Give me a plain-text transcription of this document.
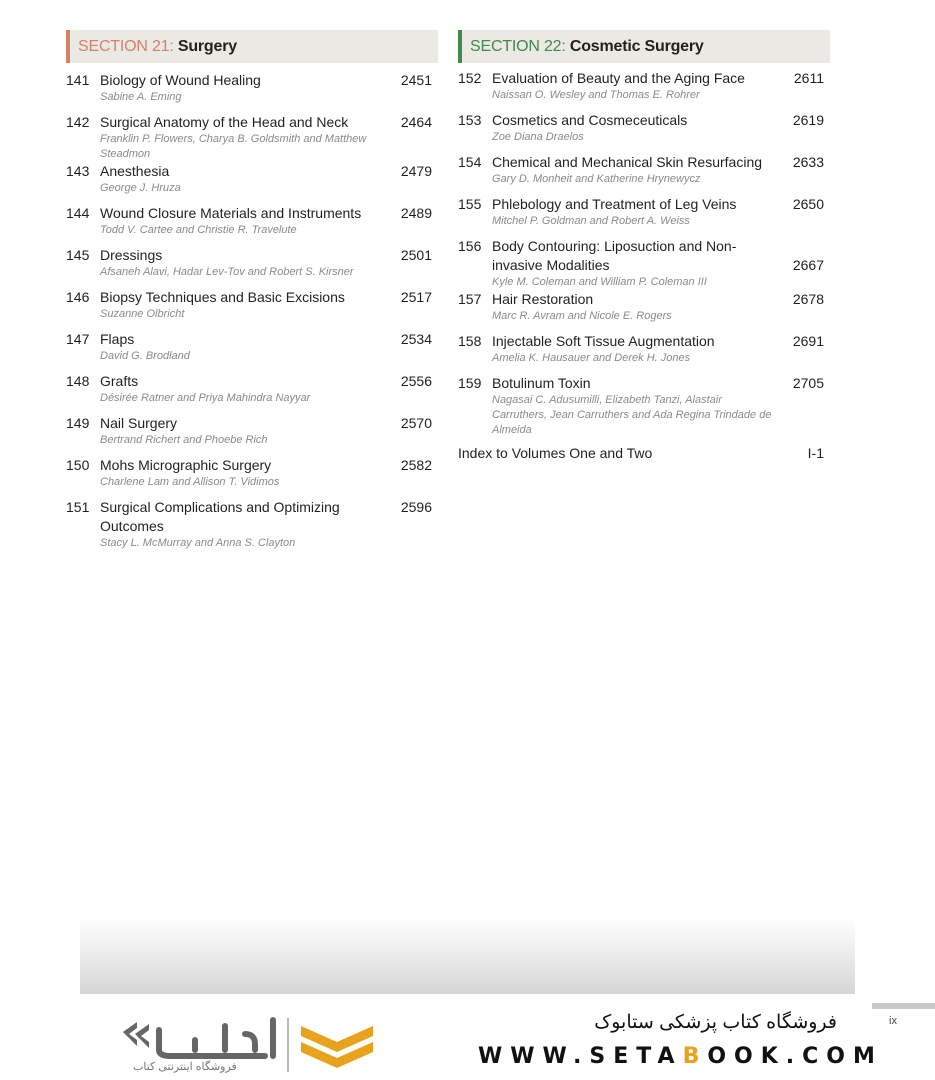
SECTION 21:
Surgery
141 Biology of Wound Healing
Sabine A. Eming
2451
142 Surgical Anatomy of the Head and Neck
Franklin P. Flowers, Charya B. Goldsmith and Matthew Steadmon
2464
143 Anesthesia
George J. Hruza
2479
144 Wound Closure Materials and Instruments
Todd V. Cartee and Christie R. Travelute
2489
145 Dressings
Afsaneh Alavi, Hadar Lev-Tov and Robert S. Kirsner
2501
146 Biopsy Techniques and Basic Excisions
Suzanne Olbricht
2517
147 Flaps
David G. Brodland
2534
148 Grafts
Désirée Ratner and Priya Mahindra Nayyar
2556
149 Nail Surgery
Bertrand Richert and Phoebe Rich
2570
150 Mohs Micrographic Surgery
Charlene Lam and Allison T. Vidimos
2582
151 Surgical Complications and Optimizing Outcomes
Stacy L. McMurray and Anna S. Clayton
2596
SECTION 22:
Cosmetic Surgery
152 Evaluation of Beauty and the Aging Face
Naissan O. Wesley and Thomas E. Rohrer
2611
153 Cosmetics and Cosmeceuticals
Zoe Diana Draelos
2619
154 Chemical and Mechanical Skin Resurfacing
Gary D. Monheit and Katherine Hrynewycz
2633
155 Phlebology and Treatment of Leg Veins
Mitchel P. Goldman and Robert A. Weiss
2650
156 Body Contouring: Liposuction and Non-invasive Modalities
Kyle M. Coleman and William P. Coleman III
2667
157 Hair Restoration
Marc R. Avram and Nicole E. Rogers
2678
158 Injectable Soft Tissue Augmentation
Amelia K. Hausauer and Derek H. Jones
2691
159 Botulinum Toxin
Nagasai C. Adusumilli, Elizabeth Tanzi, Alastair Carruthers, Jean Carruthers and Ada Regina Trindade de Almeida
2705
Index to Volumes One and Two	I-1
ix
فروشگاه اینترنتی کتاب
فروشگاه کتاب پزشکی ستابوک
WWW.SETABOOK.COM
